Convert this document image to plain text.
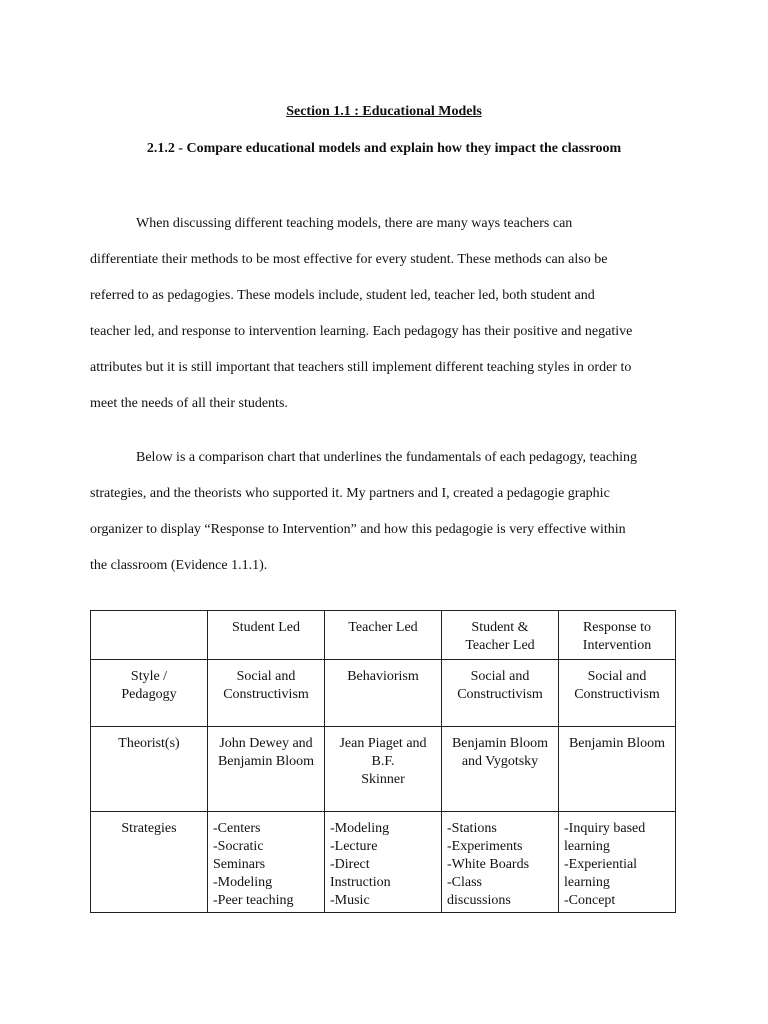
Section 1.1 : Educational Models
2.1.2 - Compare educational models and explain how they impact the classroom
When discussing different teaching models, there are many ways teachers can
differentiate their methods to be most effective for every student. These methods can also be
referred to as pedagogies. These models include, student led, teacher led, both student and
teacher led, and response to intervention learning. Each pedagogy has their positive and negative
attributes but it is still important that teachers still implement different teaching styles in order to
meet the needs of all their students.
Below is a comparison chart that underlines the fundamentals of each pedagogy, teaching
strategies, and the theorists who supported it. My partners and I, created a pedagogie graphic
organizer to display “Response to Intervention” and how this pedagogie is very effective within
the classroom (Evidence 1.1.1).

	Student Led	Teacher Led	Student &
Teacher Led	Response to
Intervention

Style /
Pedagogy	Social and
Constructivism	Behaviorism	Social and
Constructivism	Social and
Constructivism

Theorist(s)	John Dewey and
Benjamin Bloom	Jean Piaget and
B.F.
Skinner	Benjamin Bloom
and Vygotsky	Benjamin Bloom

Strategies	-Centers
-Socratic
Seminars
-Modeling
-Peer teaching	-Modeling
-Lecture
-Direct
Instruction
-Music	-Stations
-Experiments
-White Boards
-Class
discussions	-Inquiry based
learning
-Experiential
learning
-Concept
